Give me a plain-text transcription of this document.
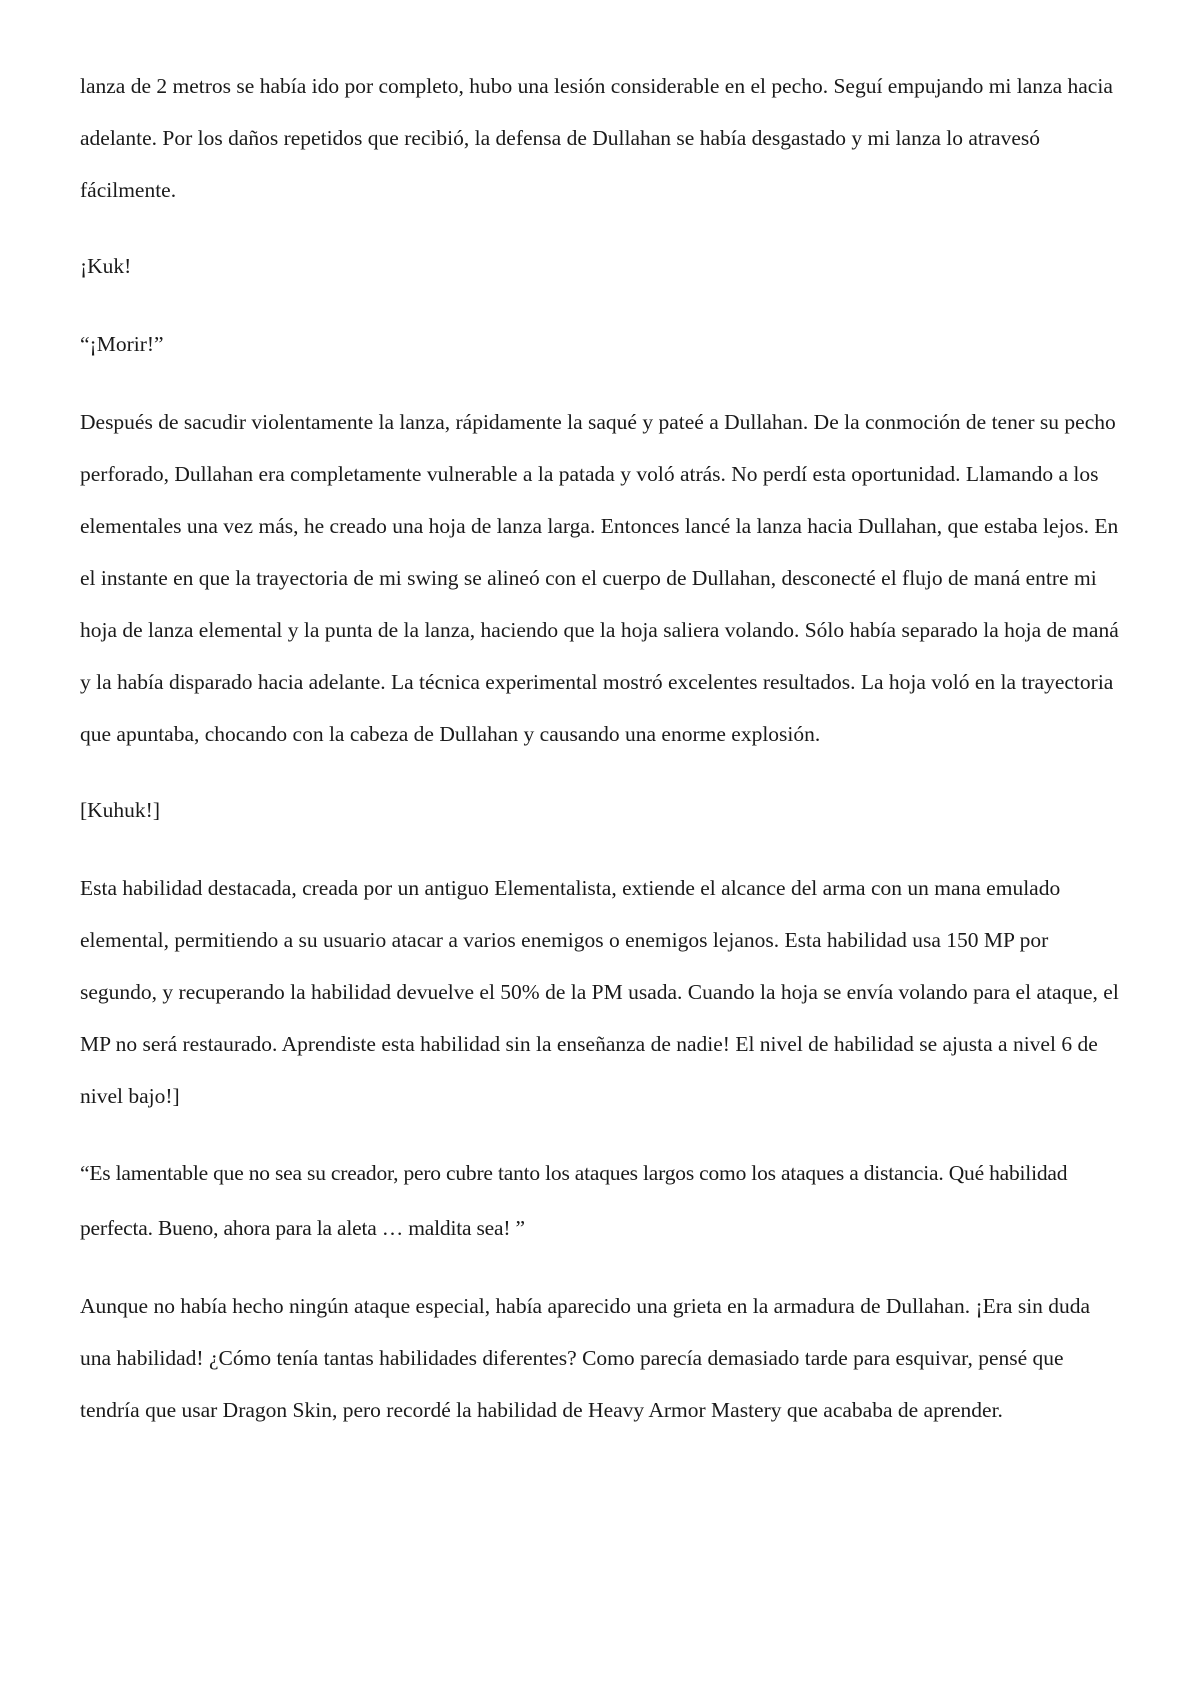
lanza de 2 metros se había ido por completo, hubo una lesión considerable en el pecho. Seguí empujando mi lanza hacia adelante. Por los daños repetidos que recibió, la defensa de Dullahan se había desgastado y mi lanza lo atravesó fácilmente.

¡Kuk!

“¡Morir!”

Después de sacudir violentamente la lanza, rápidamente la saqué y pateé a Dullahan. De la conmoción de tener su pecho perforado, Dullahan era completamente vulnerable a la patada y voló atrás. No perdí esta oportunidad. Llamando a los elementales una vez más, he creado una hoja de lanza larga. Entonces lancé la lanza hacia Dullahan, que estaba lejos. En el instante en que la trayectoria de mi swing se alineó con el cuerpo de Dullahan, desconecté el flujo de maná entre mi hoja de lanza elemental y la punta de la lanza, haciendo que la hoja saliera volando. Sólo había separado la hoja de maná y la había disparado hacia adelante. La técnica experimental mostró excelentes resultados. La hoja voló en la trayectoria que apuntaba, chocando con la cabeza de Dullahan y causando una enorme explosión.

[Kuhuk!]

Esta habilidad destacada, creada por un antiguo Elementalista, extiende el alcance del arma con un mana emulado elemental, permitiendo a su usuario atacar a varios enemigos o enemigos lejanos. Esta habilidad usa 150 MP por segundo, y recuperando la habilidad devuelve el 50% de la PM usada. Cuando la hoja se envía volando para el ataque, el MP no será restaurado. Aprendiste esta habilidad sin la enseñanza de nadie! El nivel de habilidad se ajusta a nivel 6 de nivel bajo!]

“Es lamentable que no sea su creador, pero cubre tanto los ataques largos como los ataques a distancia. Qué habilidad perfecta. Bueno, ahora para la aleta … maldita sea! ”

Aunque no había hecho ningún ataque especial, había aparecido una grieta en la armadura de Dullahan. ¡Era sin duda una habilidad! ¿Cómo tenía tantas habilidades diferentes? Como parecía demasiado tarde para esquivar, pensé que tendría que usar Dragon Skin, pero recordé la habilidad de Heavy Armor Mastery que acababa de aprender.
